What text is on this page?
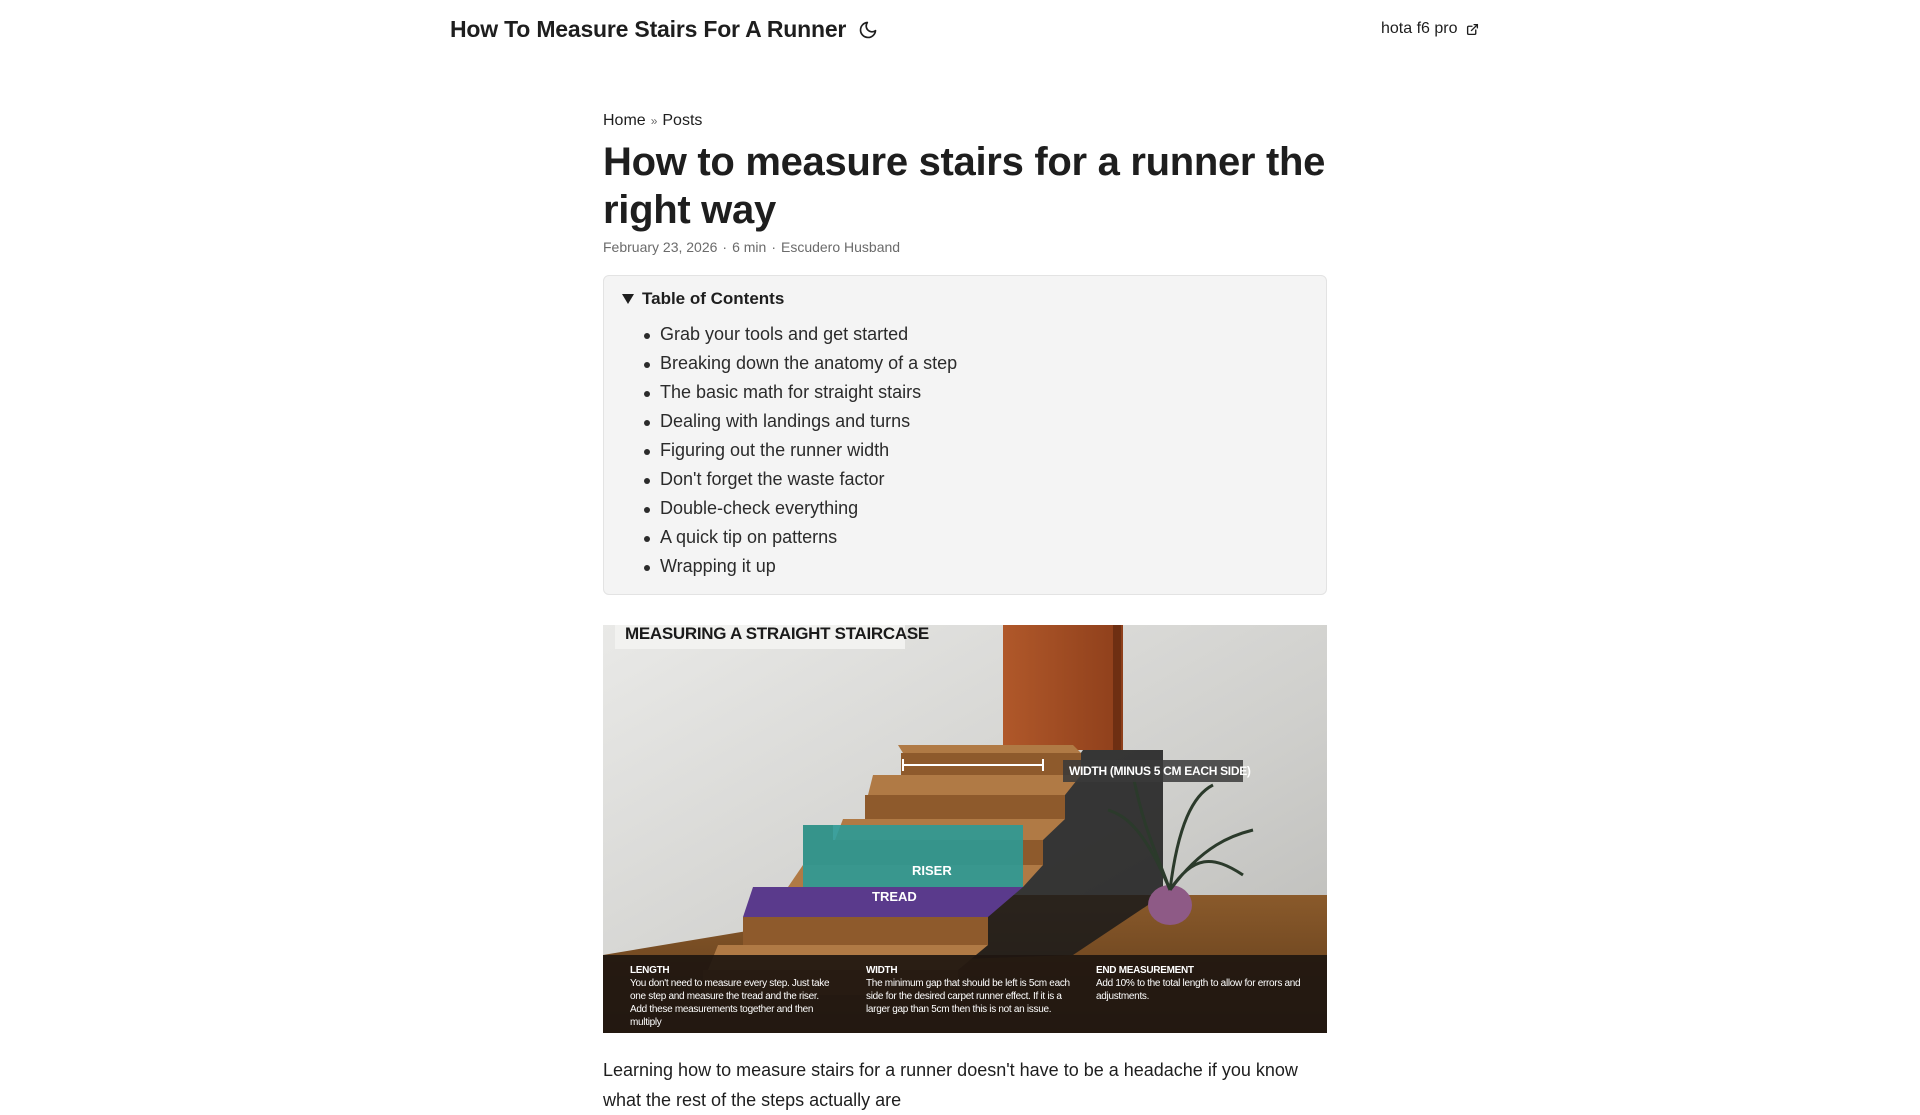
How To Measure Stairs For A Runner	hota f6 pro
Home » Posts
How to measure stairs for a runner the right way
February 23, 2026 · 6 min · Escudero Husband
Table of Contents
Grab your tools and get started
Breaking down the anatomy of a step
The basic math for straight stairs
Dealing with landings and turns
Figuring out the runner width
Don't forget the waste factor
Double-check everything
A quick tip on patterns
Wrapping it up
MEASURING A STRAIGHT STAIRCASE
WIDTH (MINUS 5 CM EACH SIDE)
RISER
TREAD
LENGTH
You don't need to measure every step. Just take one step and measure the tread and the riser. Add these measurements together and then multiply
WIDTH
The minimum gap that should be left is 5cm each side for the desired carpet runner effect. If it is a larger gap than 5cm then this is not an issue.
END MEASUREMENT
Add 10% to the total length to allow for errors and adjustments.

Learning how to measure stairs for a runner doesn't have to be a headache if you know what the rest of the steps actually are
